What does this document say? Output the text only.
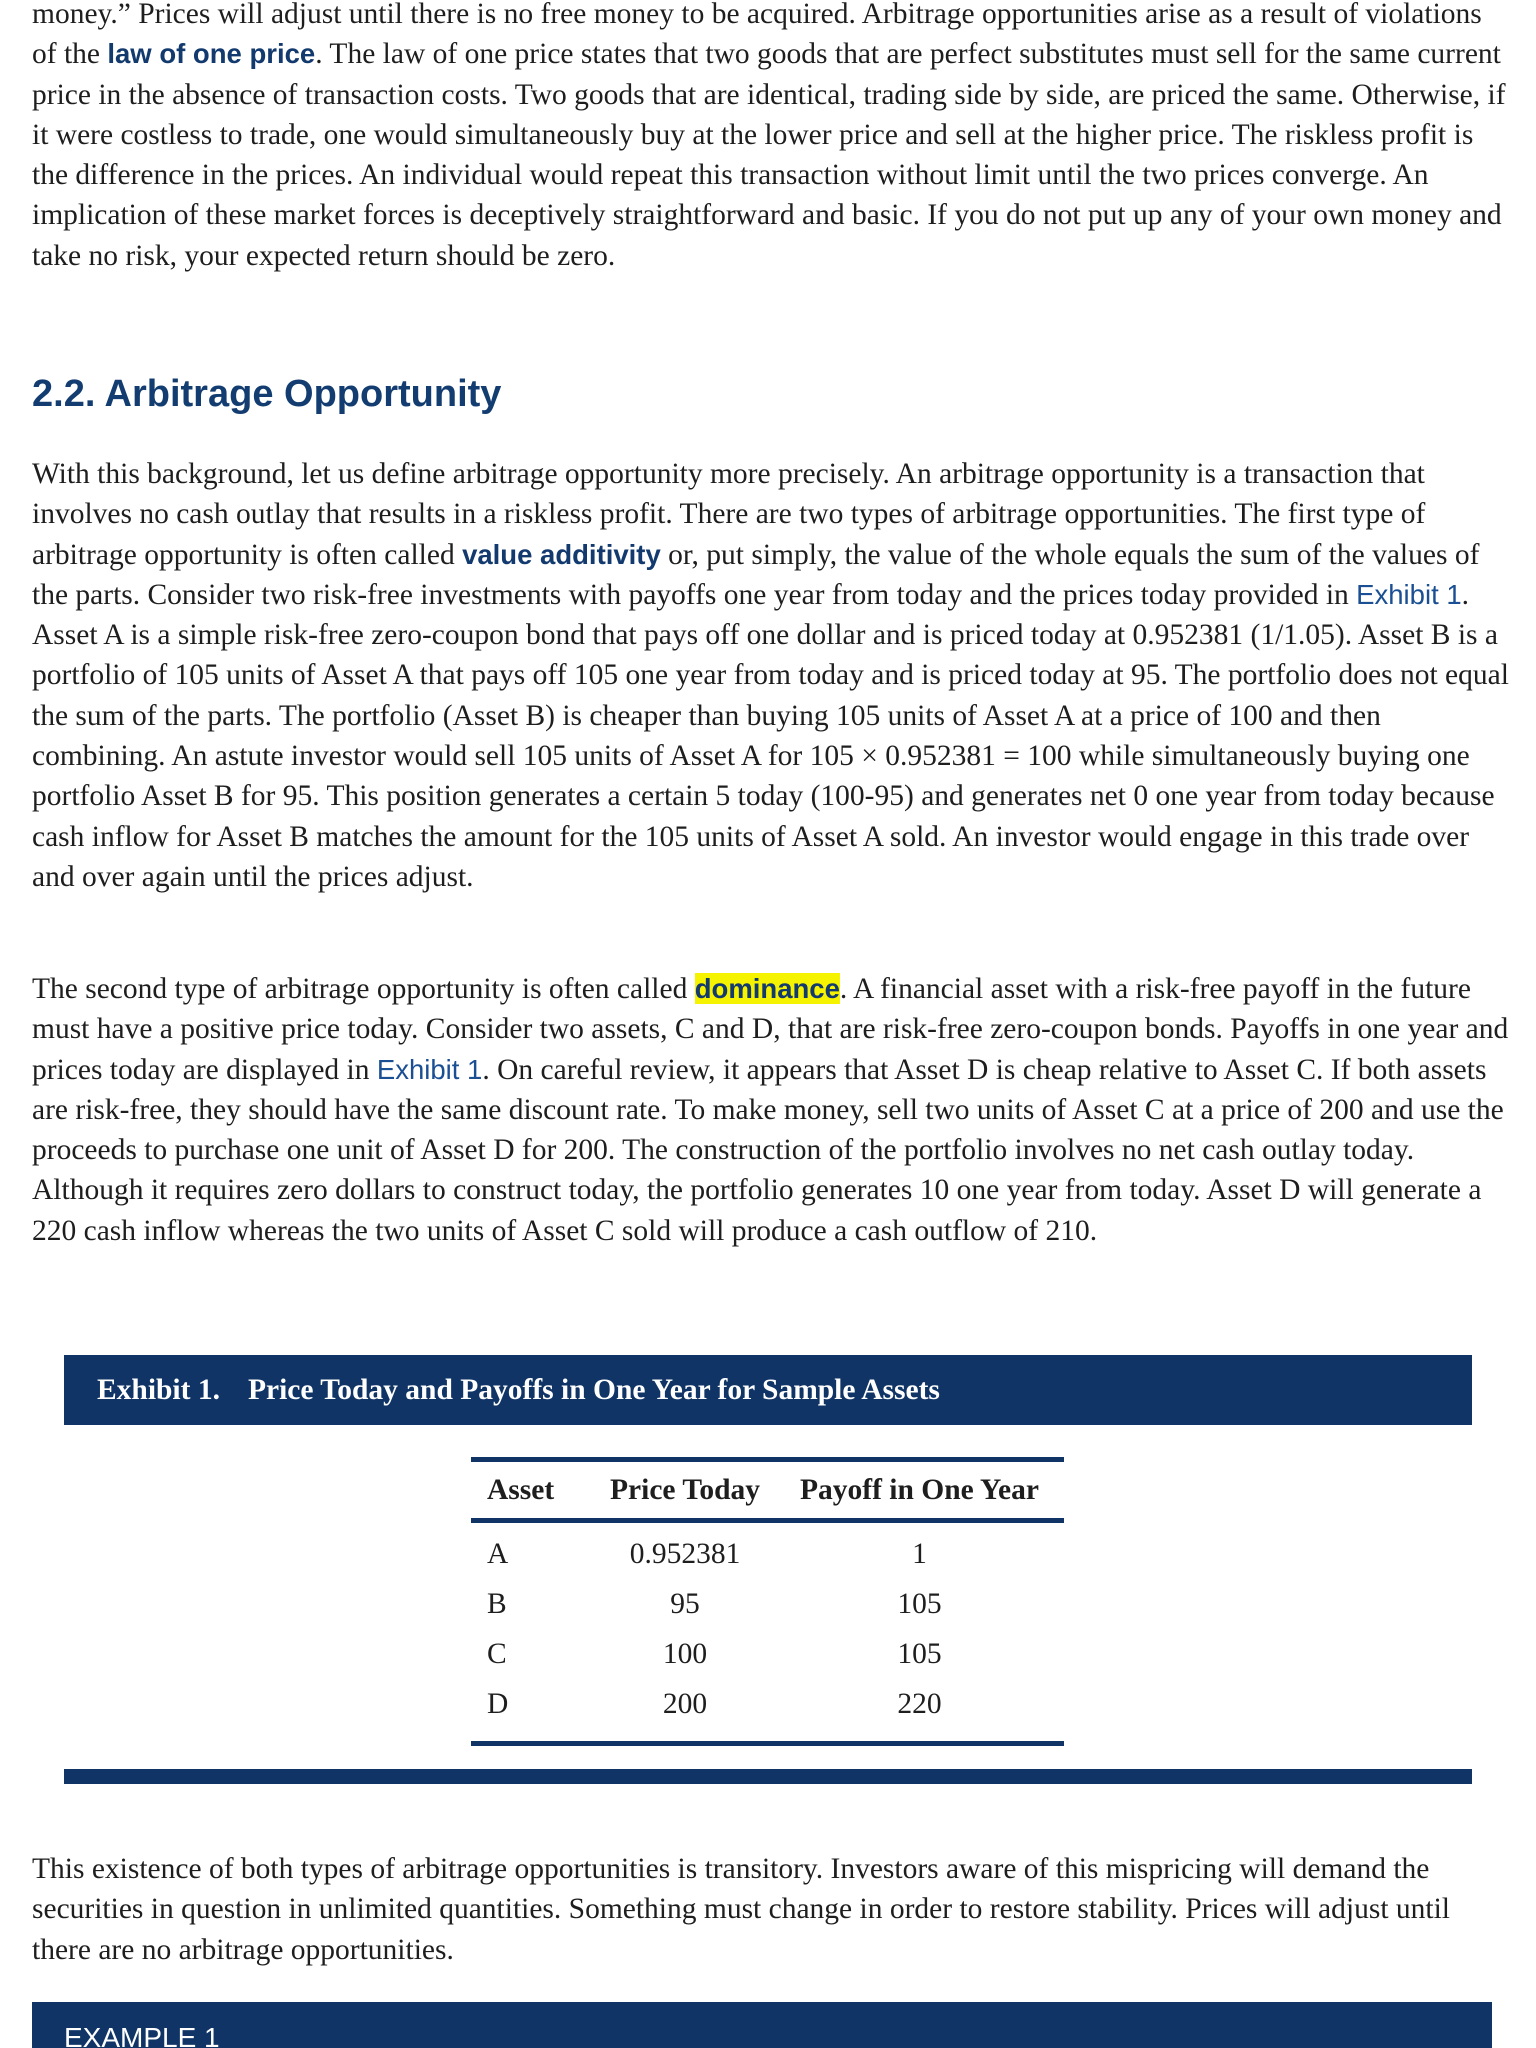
money.” Prices will adjust until there is no free money to be acquired. Arbitrage opportunities arise as a result of violations of the law of one price. The law of one price states that two goods that are perfect substitutes must sell for the same current price in the absence of transaction costs. Two goods that are identical, trading side by side, are priced the same. Otherwise, if it were costless to trade, one would simultaneously buy at the lower price and sell at the higher price. The riskless profit is the difference in the prices. An individual would repeat this transaction without limit until the two prices converge. An implication of these market forces is deceptively straightforward and basic. If you do not put up any of your own money and take no risk, your expected return should be zero.

2.2. Arbitrage Opportunity

With this background, let us define arbitrage opportunity more precisely. An arbitrage opportunity is a transaction that involves no cash outlay that results in a riskless profit. There are two types of arbitrage opportunities. The first type of arbitrage opportunity is often called value additivity or, put simply, the value of the whole equals the sum of the values of the parts. Consider two risk-free investments with payoffs one year from today and the prices today provided in Exhibit 1. Asset A is a simple risk-free zero-coupon bond that pays off one dollar and is priced today at 0.952381 (1/1.05). Asset B is a portfolio of 105 units of Asset A that pays off 105 one year from today and is priced today at 95. The portfolio does not equal the sum of the parts. The portfolio (Asset B) is cheaper than buying 105 units of Asset A at a price of 100 and then combining. An astute investor would sell 105 units of Asset A for 105 × 0.952381 = 100 while simultaneously buying one portfolio Asset B for 95. This position generates a certain 5 today (100-95) and generates net 0 one year from today because cash inflow for Asset B matches the amount for the 105 units of Asset A sold. An investor would engage in this trade over and over again until the prices adjust.

The second type of arbitrage opportunity is often called dominance. A financial asset with a risk-free payoff in the future must have a positive price today. Consider two assets, C and D, that are risk-free zero-coupon bonds. Payoffs in one year and prices today are displayed in Exhibit 1. On careful review, it appears that Asset D is cheap relative to Asset C. If both assets are risk-free, they should have the same discount rate. To make money, sell two units of Asset C at a price of 200 and use the proceeds to purchase one unit of Asset D for 200. The construction of the portfolio involves no net cash outlay today. Although it requires zero dollars to construct today, the portfolio generates 10 one year from today. Asset D will generate a 220 cash inflow whereas the two units of Asset C sold will produce a cash outflow of 210.

Exhibit 1. Price Today and Payoffs in One Year for Sample Assets
Asset	Price Today	Payoff in One Year
A	0.952381	1
B	95	105
C	100	105
D	200	220

This existence of both types of arbitrage opportunities is transitory. Investors aware of this mispricing will demand the securities in question in unlimited quantities. Something must change in order to restore stability. Prices will adjust until there are no arbitrage opportunities.

EXAMPLE 1
